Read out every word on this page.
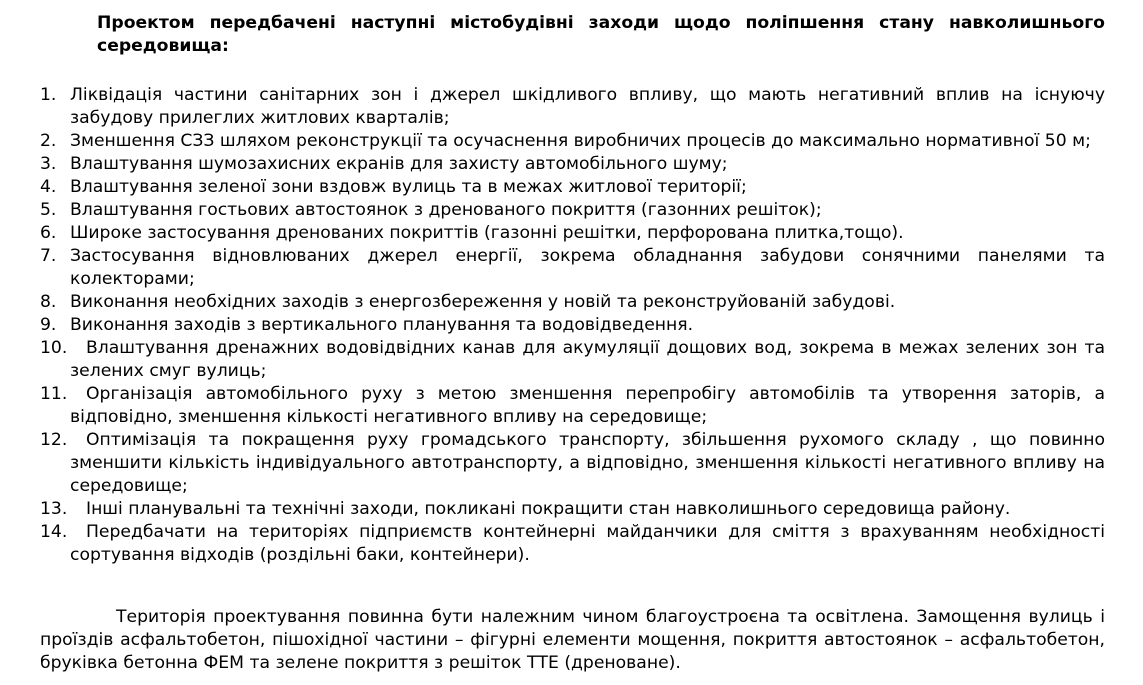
Проектом передбачені наступні містобудівні заходи щодо поліпшення стану навколишнього середовища:

1. Ліквідація частини санітарних зон і джерел шкідливого впливу, що мають негативний вплив на існуючу забудову прилеглих житлових кварталів;
2. Зменшення СЗЗ шляхом реконструкції та осучаснення виробничих процесів до максимально нормативної 50 м;
3. Влаштування шумозахисних екранів для захисту автомобільного шуму;
4. Влаштування зеленої зони вздовж вулиць та в межах житлової території;
5. Влаштування гостьових автостоянок з дренованого покриття (газонних решіток);
6. Широке застосування дренованих покриттів (газонні решітки, перфорована плитка,тощо).
7. Застосування відновлюваних джерел енергії, зокрема обладнання забудови сонячними панелями та колекторами;
8. Виконання необхідних заходів з енергозбереження у новій та реконструйованій забудові.
9. Виконання заходів з вертикального планування та водовідведення.
10. Влаштування дренажних водовідвідних канав для акумуляції дощових вод, зокрема в межах зелених зон та зелених смуг вулиць;
11. Організація автомобільного руху з метою зменшення перепробігу автомобілів та утворення заторів, а відповідно, зменшення кількості негативного впливу на середовище;
12. Оптимізація та покращення руху громадського транспорту, збільшення рухомого складу , що повинно зменшити кількість індивідуального автотранспорту, а відповідно, зменшення кількості негативного впливу на середовище;
13. Інші планувальні та технічні заходи, покликані покращити стан навколишнього середовища району.
14. Передбачати на територіях підприємств контейнерні майданчики для сміття з врахуванням необхідності сортування відходів (роздільні баки, контейнери).

Територія проектування повинна бути належним чином благоустроєна та освітлена. Замощення вулиць і проїздів асфальтобетон, пішохідної частини – фігурні елементи мощення, покриття автостоянок – асфальтобетон, бруківка бетонна ФЕМ та зелене покриття з решіток ТТЕ (дреноване).
